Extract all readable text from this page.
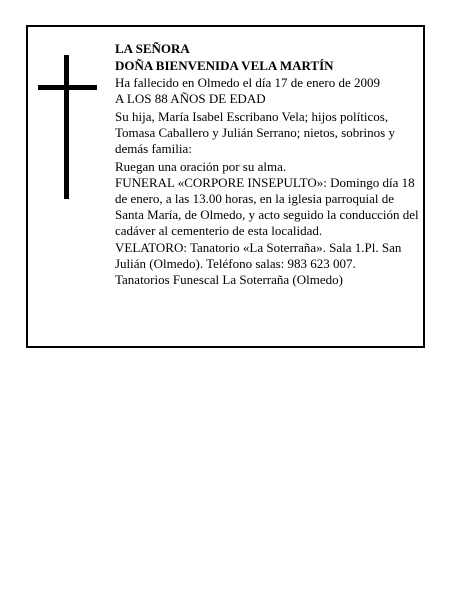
LA SEÑORA

DOÑA BIENVENIDA VELA MARTÍN

Ha fallecido en Olmedo el día 17 de enero de 2009

A LOS 88 AÑOS DE EDAD

Su hija, María Isabel Escribano Vela; hijos políticos, Tomasa Caballero y Julián Serrano; nietos, sobrinos y demás familia:

Ruegan una oración por su alma.

FUNERAL «CORPORE INSEPULTO»: Domingo día 18 de enero, a las 13.00 horas, en la iglesia parroquial de Santa María, de Olmedo, y acto seguido la conducción del cadáver al cementerio de esta localidad.

VELATORO: Tanatorio «La Soterraña». Sala 1.Pl. San Julián (Olmedo). Teléfono salas: 983 623 007.

Tanatorios Funescal La Soterraña (Olmedo)
